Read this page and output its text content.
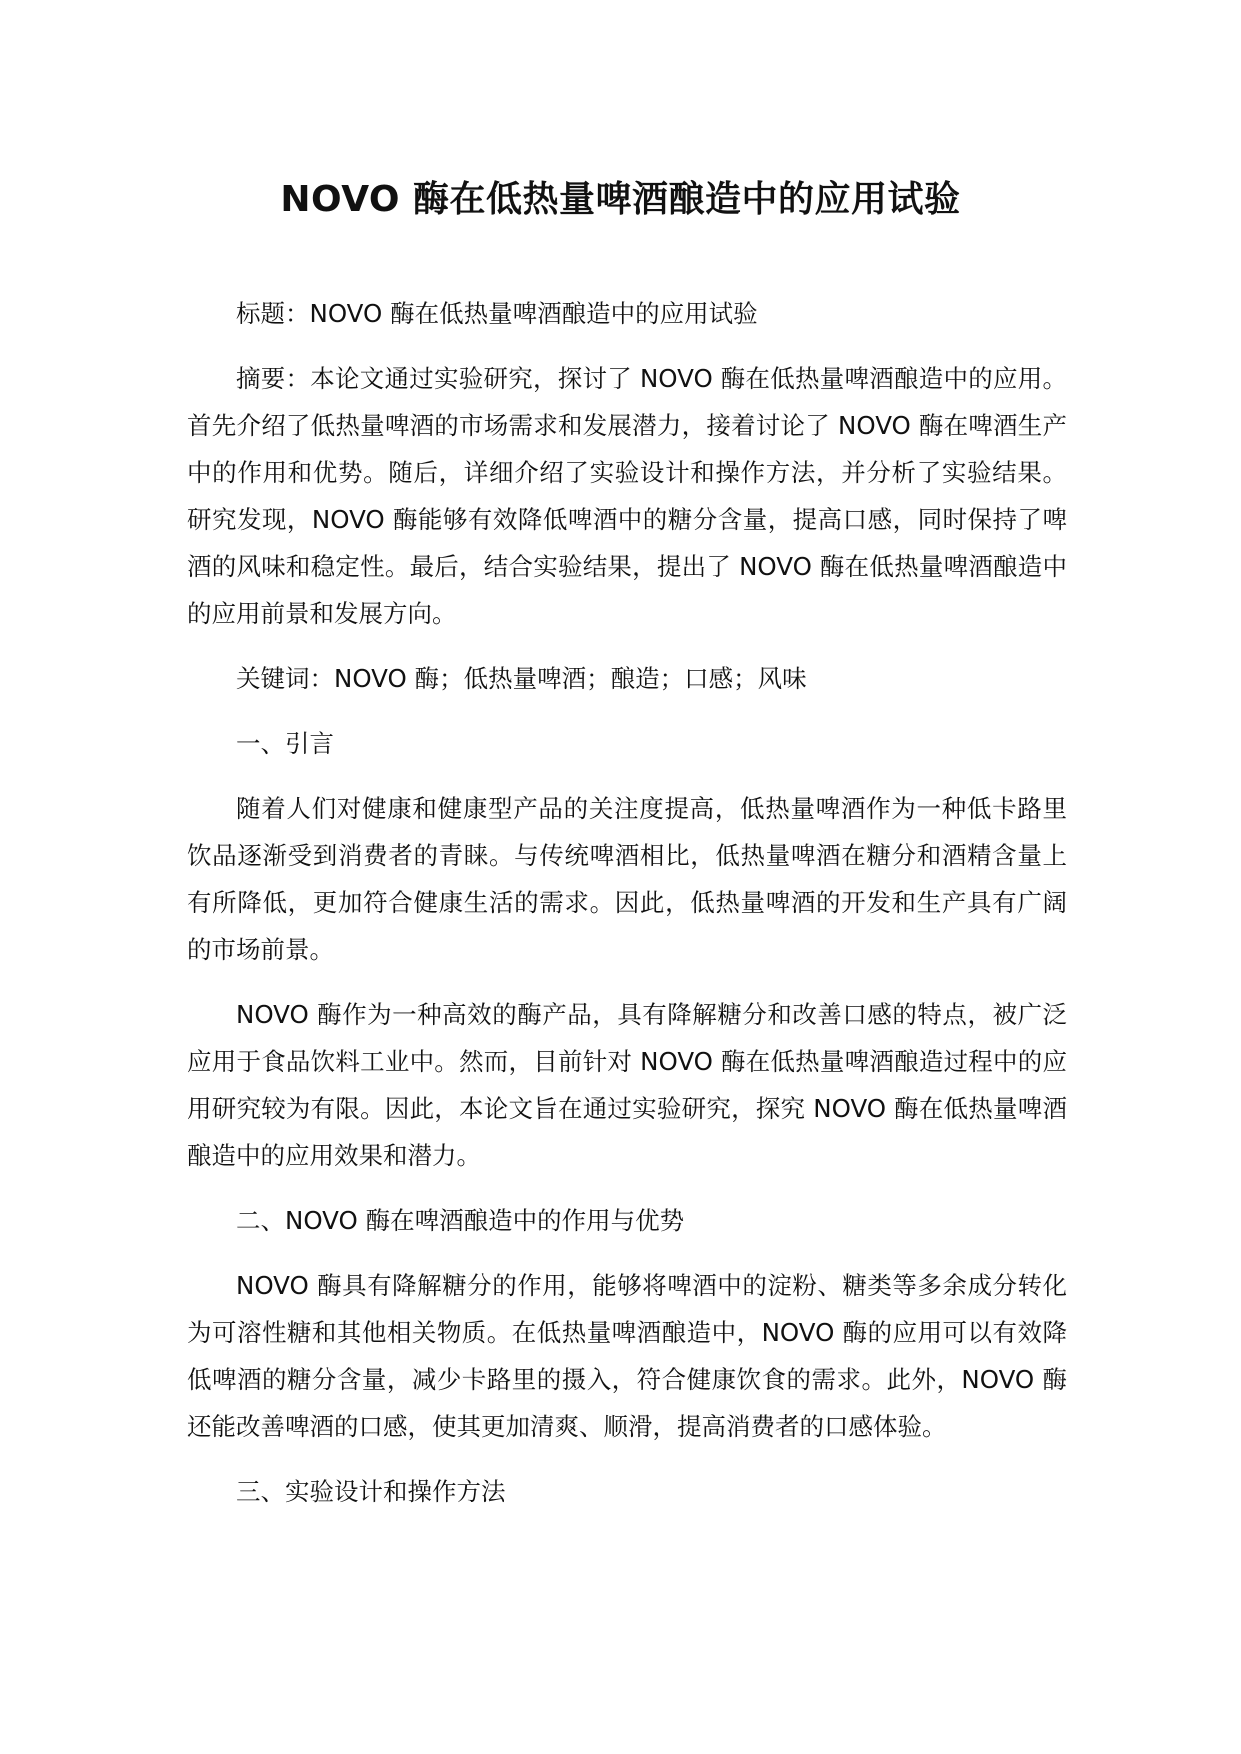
NOVO 酶在低热量啤酒酿造中的应用试验

标题：NOVO 酶在低热量啤酒酿造中的应用试验

摘要：本论文通过实验研究，探讨了 NOVO 酶在低热量啤酒酿造中的应用。首先介绍了低热量啤酒的市场需求和发展潜力，接着讨论了 NOVO 酶在啤酒生产中的作用和优势。随后，详细介绍了实验设计和操作方法，并分析了实验结果。研究发现，NOVO 酶能够有效降低啤酒中的糖分含量，提高口感，同时保持了啤酒的风味和稳定性。最后，结合实验结果，提出了 NOVO 酶在低热量啤酒酿造中的应用前景和发展方向。

关键词：NOVO 酶；低热量啤酒；酿造；口感；风味

一、引言

随着人们对健康和健康型产品的关注度提高，低热量啤酒作为一种低卡路里饮品逐渐受到消费者的青睐。与传统啤酒相比，低热量啤酒在糖分和酒精含量上有所降低，更加符合健康生活的需求。因此，低热量啤酒的开发和生产具有广阔的市场前景。

NOVO 酶作为一种高效的酶产品，具有降解糖分和改善口感的特点，被广泛应用于食品饮料工业中。然而，目前针对 NOVO 酶在低热量啤酒酿造过程中的应用研究较为有限。因此，本论文旨在通过实验研究，探究 NOVO 酶在低热量啤酒酿造中的应用效果和潜力。

二、NOVO 酶在啤酒酿造中的作用与优势

NOVO 酶具有降解糖分的作用，能够将啤酒中的淀粉、糖类等多余成分转化为可溶性糖和其他相关物质。在低热量啤酒酿造中，NOVO 酶的应用可以有效降低啤酒的糖分含量，减少卡路里的摄入，符合健康饮食的需求。此外，NOVO 酶还能改善啤酒的口感，使其更加清爽、顺滑，提高消费者的口感体验。

三、实验设计和操作方法
